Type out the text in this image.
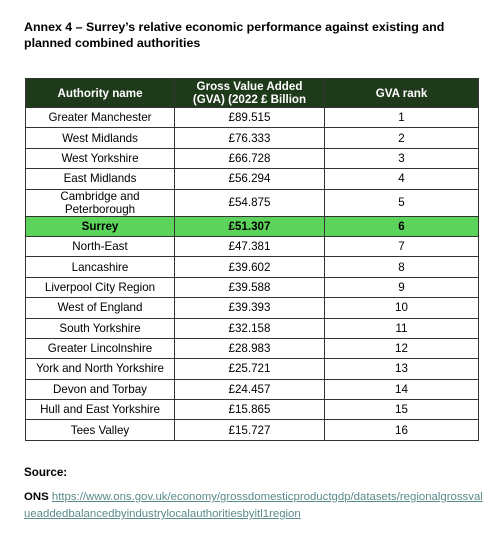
Annex 4 – Surrey’s relative economic performance against existing and planned combined authorities
Authority name	Gross Value Added (GVA) (2022 £ Billion	GVA rank
Greater Manchester	£89.515	1
West Midlands	£76.333	2
West Yorkshire	£66.728	3
East Midlands	£56.294	4
Cambridge and Peterborough	£54.875	5
Surrey	£51.307	6
North-East	£47.381	7
Lancashire	£39.602	8
Liverpool City Region	£39.588	9
West of England	£39.393	10
South Yorkshire	£32.158	11
Greater Lincolnshire	£28.983	12
York and North Yorkshire	£25.721	13
Devon and Torbay	£24.457	14
Hull and East Yorkshire	£15.865	15
Tees Valley	£15.727	16
Source:
ONS https://www.ons.gov.uk/economy/grossdomesticproductgdp/datasets/regionalgrossvalueaddedbalancedbyindustrylocalauthoritiesbyitl1region
